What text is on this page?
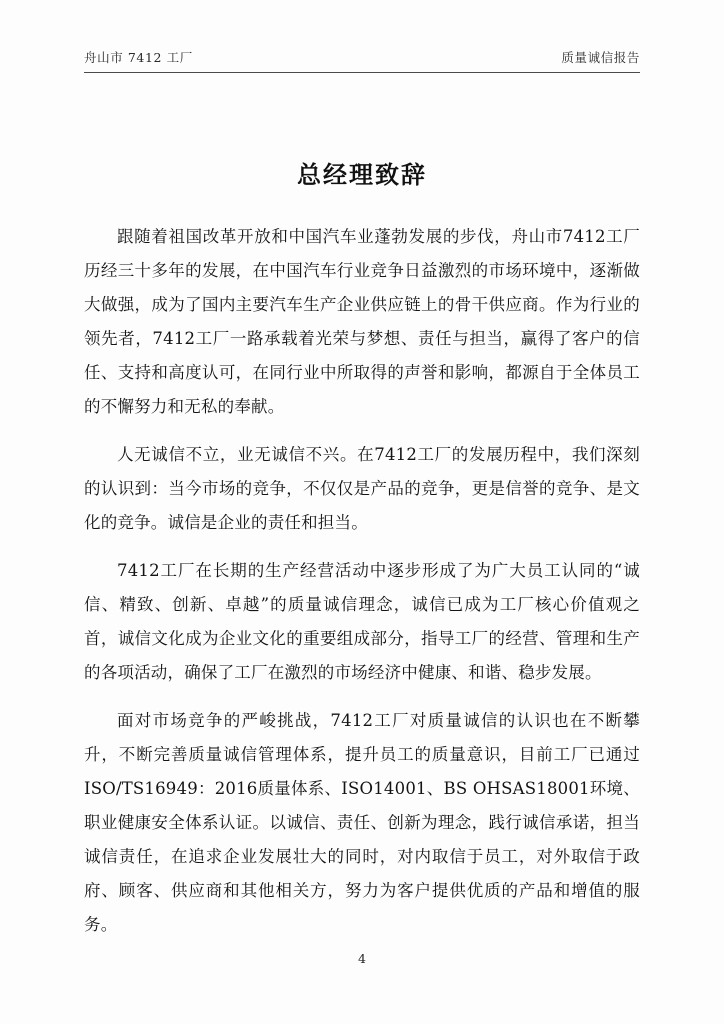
舟山市 7412 工厂	质量诚信报告
总经理致辞

跟随着祖国改革开放和中国汽车业蓬勃发展的步伐，舟山市7412工厂历经三十多年的发展，在中国汽车行业竞争日益激烈的市场环境中，逐渐做大做强，成为了国内主要汽车生产企业供应链上的骨干供应商。作为行业的领先者，7412工厂一路承载着光荣与梦想、责任与担当，赢得了客户的信任、支持和高度认可，在同行业中所取得的声誉和影响，都源自于全体员工的不懈努力和无私的奉献。

人无诚信不立，业无诚信不兴。在7412工厂的发展历程中，我们深刻的认识到：当今市场的竞争，不仅仅是产品的竞争，更是信誉的竞争、是文化的竞争。诚信是企业的责任和担当。

7412工厂在长期的生产经营活动中逐步形成了为广大员工认同的“诚信、精致、创新、卓越”的质量诚信理念，诚信已成为工厂核心价值观之首，诚信文化成为企业文化的重要组成部分，指导工厂的经营、管理和生产的各项活动，确保了工厂在激烈的市场经济中健康、和谐、稳步发展。

面对市场竞争的严峻挑战，7412工厂对质量诚信的认识也在不断攀升，不断完善质量诚信管理体系，提升员工的质量意识，目前工厂已通过ISO/TS16949：2016质量体系、ISO14001、BS OHSAS18001环境、职业健康安全体系认证。以诚信、责任、创新为理念，践行诚信承诺，担当诚信责任，在追求企业发展壮大的同时，对内取信于员工，对外取信于政府、顾客、供应商和其他相关方，努力为客户提供优质的产品和增值的服务。

4
